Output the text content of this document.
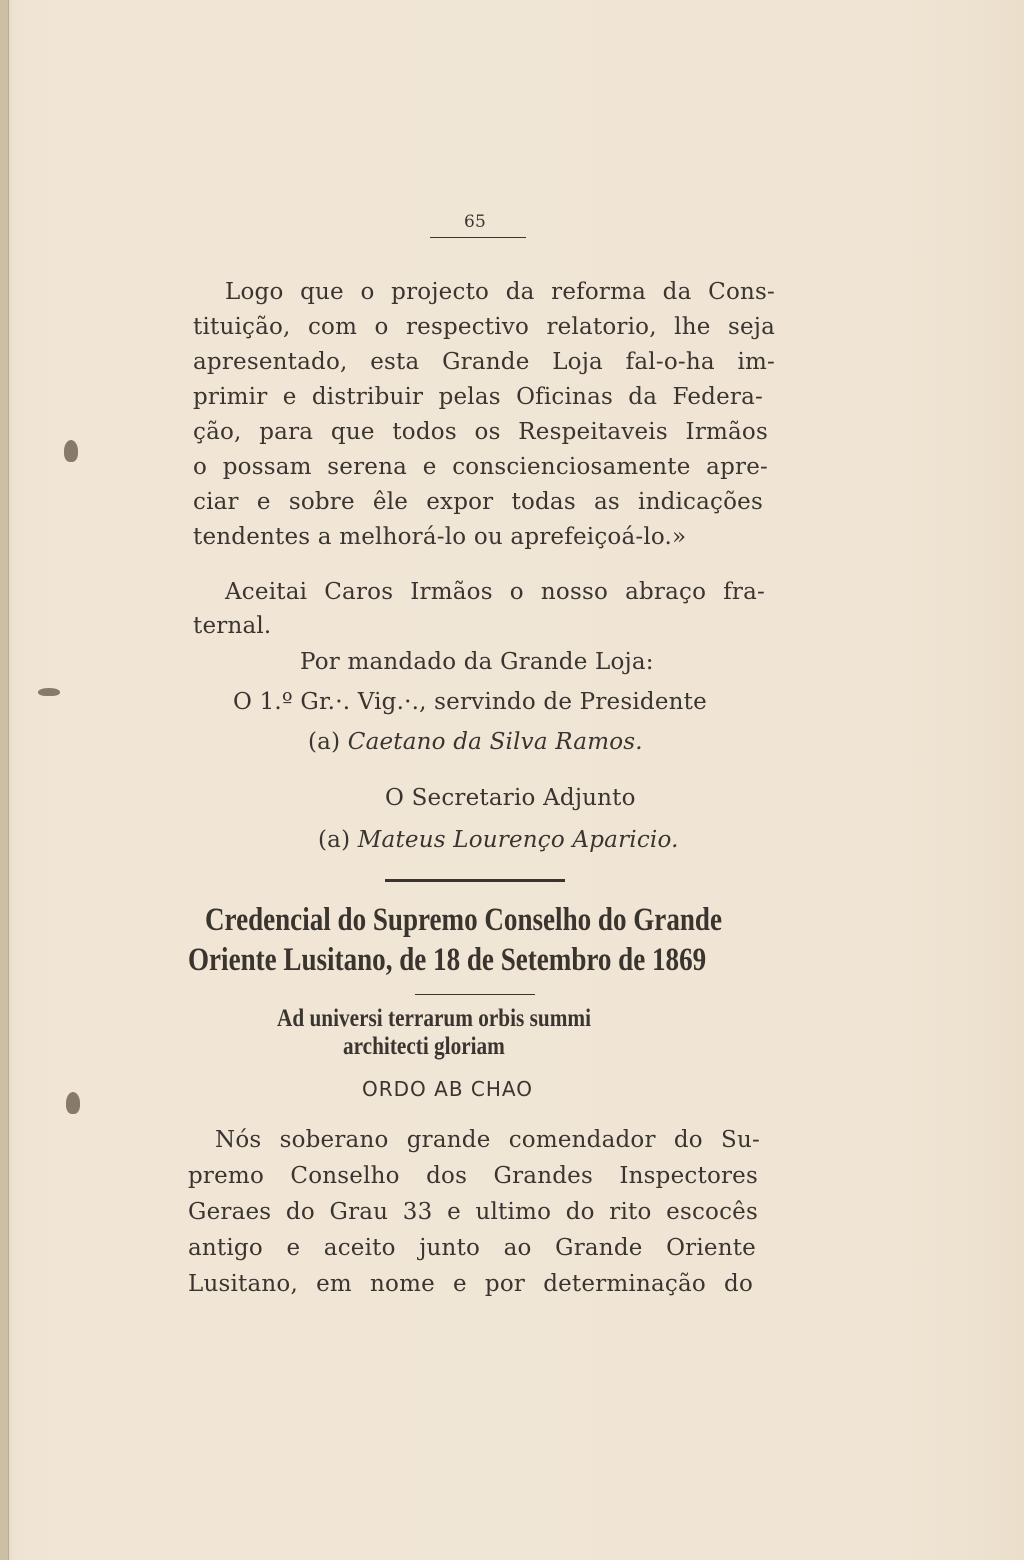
65
Logo que o projecto da reforma da Cons-
tituição, com o respectivo relatorio, lhe seja
apresentado, esta Grande Loja fal-o-ha im-
primir e distribuir pelas Oficinas da Federa-
ção, para que todos os Respeitaveis Irmãos
o possam serena e conscienciosamente apre-
ciar e sobre êle expor todas as indicações
tendentes a melhorá-lo ou aprefeiçoá-lo.»
Aceitai Caros Irmãos o nosso abraço fra-
ternal.
Por mandado da Grande Loja:
O 1.º Gr.·. Vig.·., servindo de Presidente
(a) Caetano da Silva Ramos.
O Secretario Adjunto
(a) Mateus Lourenço Aparicio.
Credencial do Supremo Conselho do Grande
Oriente Lusitano, de 18 de Setembro de 1869
Ad universi terrarum orbis summi
architecti gloriam
ORDO AB CHAO
Nós soberano grande comendador do Su-
premo Conselho dos Grandes Inspectores
Geraes do Grau 33 e ultimo do rito escocês
antigo e aceito junto ao Grande Oriente
Lusitano, em nome e por determinação do
